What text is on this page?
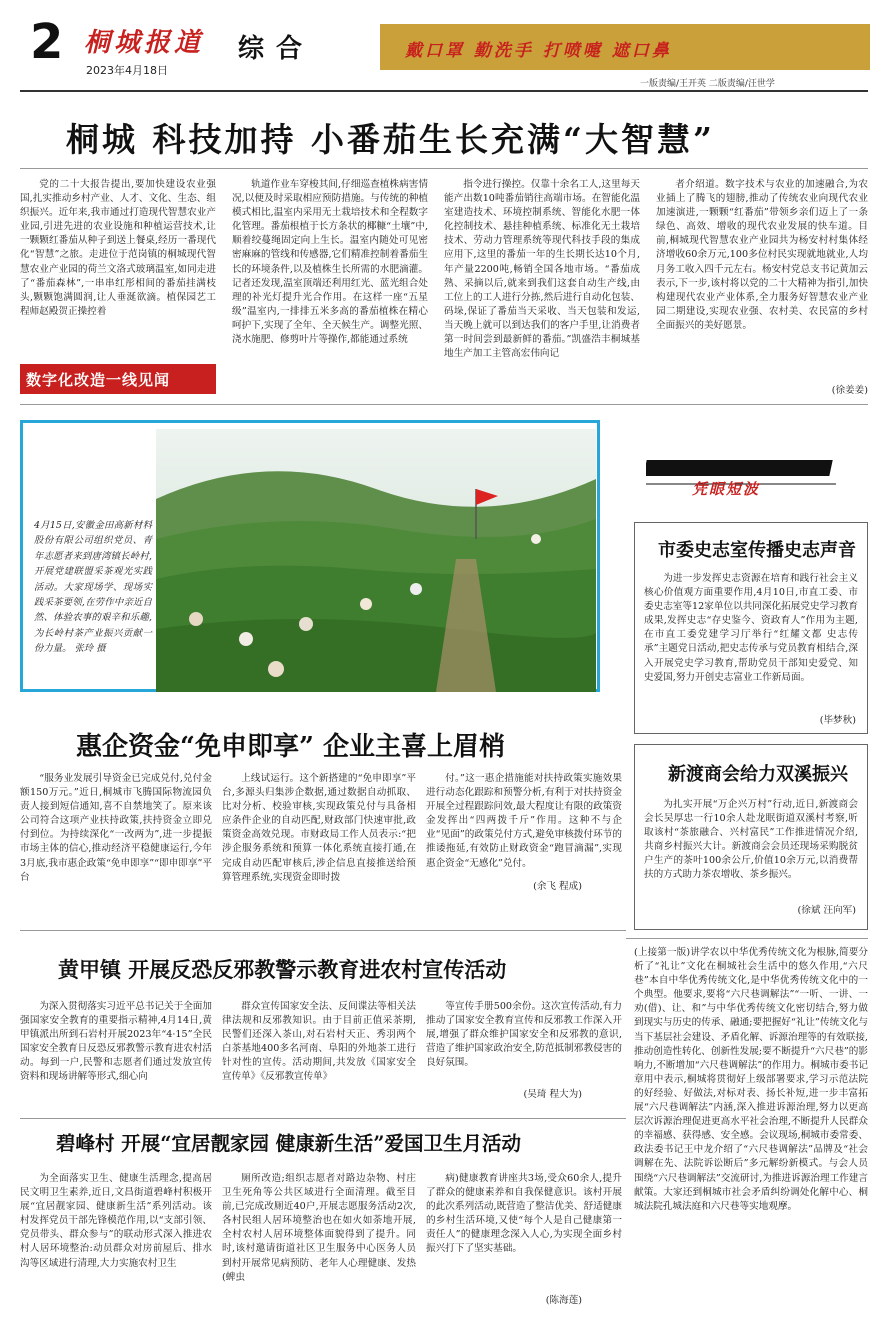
2 桐城报道
2023年4月18日
综合	戴口罩 勤洗手 打喷嚏 遮口鼻
一版责编/王开英 二版责编/汪世学
桐城 科技加持 小番茄生长充满“大智慧”

党的二十大报告提出,要加快建设农业强国,扎实推动乡村产业、人才、文化、生态、组织振兴。近年来,我市通过打造现代智慧农业产业园,引进先进的农业设施和种植运营技术,让一颗颗红番茄从种子到送上餐桌,经历一番现代化“智慧”之旅。走进位于范岗镇的桐城现代智慧农业产业园的荷兰文洛式玻璃温室,如同走进了“番茄森林”,一串串红彤相间的番茄挂满枝头,颗颗饱满圆润,让人垂涎欲滴。植保园艺工程师赵殿贺正操控着

数字化改造一线见闻

轨道作业车穿梭其间,仔细巡查植株病害情况,以便及时采取相应预防措施。与传统的种植模式相比,温室内采用无土栽培技术和全程数字化管理。番茄根植于长方条状的椰糠“土壤”中,顺着绞蔓绳固定向上生长。温室内随处可见密密麻麻的管线和传感器,它们精准控制着番茄生长的环境条件,以及植株生长所需的水肥滴灌。记者还发现,温室顶端还利用红光、蓝光组合处理的补光灯提升光合作用。在这样一座“五星级”温室内,一排排五米多高的番茄植株在精心呵护下,实现了全年、全天候生产。调整光照、浇水施肥、修剪叶片等操作,都能通过系统

指令进行操控。仅靠十余名工人,这里每天能产出数10吨番茄销往高端市场。在智能化温室建造技术、环境控制系统、智能化水肥一体化控制技术、悬挂种植系统、标准化无土栽培技术、劳动力管理系统等现代科技手段的集成应用下,这里的番茄一年的生长期长达10个月,年产量2200吨,畅销全国各地市场。“番茄成熟、采摘以后,就来到我们这套自动生产线,由工位上的工人进行分拣,然后进行自动化包装、码垛,保证了番茄当天采收、当天包装和发运,当天晚上就可以到达我们的客户手里,让消费者第一时间尝到最新鲜的番茄。”凯盛浩丰桐城基地生产加工主管高宏伟向记

者介绍道。数字技术与农业的加速融合,为农业插上了腾飞的翅膀,推动了传统农业向现代农业加速演进,一颗颗“红番茄”带领乡亲们迈上了一条绿色、高效、增收的现代农业发展的快车道。目前,桐城现代智慧农业产业园共为杨安村村集体经济增收60余万元,100多位村民实现就地就业,人均月务工收入四千元左右。杨安村党总支书记黄加云表示,下一步,该村将以党的二十大精神为指引,加快构建现代农业产业体系,全力服务好智慧农业产业园二期建设,实现农业强、农村美、农民富的乡村全面振兴的美好愿景。

(徐姜姜)
4月15日,安徽金田高新材料股份有限公司组织党员、青年志愿者来到唐湾镇长岭村,开展党建联盟采茶观光实践活动。大家现场学、现场实践采茶要领,在劳作中亲近自然、体验农事的艰辛和乐趣,为长岭村茶产业振兴贡献一份力量。 张玲 摄
凭眼短波
市委史志室传播史志声音

为进一步发挥史志资源在培育和践行社会主义核心价值观方面重要作用,4月10日,市直工委、市委史志室等12家单位以共同深化拓展党史学习教育成果,发挥史志“存史鉴今、资政育人”作用为主题,在市直工委党建学习厅举行“红耀文都 史志传承”主题党日活动,把史志传承与党员教育相结合,深入开展党史学习教育,帮助党员干部知史爱党、知史爱国,努力开创史志富业工作新局面。

(毕梦秋)
新渡商会给力双溪振兴

为扎实开展“万企兴万村”行动,近日,新渡商会会长吴厚忠一行10余人赴龙眠街道双溪村考察,听取该村“茶旅融合、兴村富民”工作推进情况介绍,共商乡村振兴大计。新渡商会会员还现场采购脱贫户生产的茶叶100余公斤,价值10余万元,以消费帮扶的方式助力茶农增收、茶乡振兴。

(徐斌 汪向军)
惠企资金“免申即享” 企业主喜上眉梢

“服务业发展引导资金已完成兑付,兑付金额150万元。”近日,桐城市飞腾国际物流园负责人接到短信通知,喜不自禁地笑了。原来该公司符合这项产业扶持政策,扶持资金立即兑付到位。为持续深化“一改两为”,进一步提振市场主体的信心,推动经济平稳健康运行,今年3月底,我市惠企政策“免申即享”“即申即享”平台

上线试运行。这个新搭建的“免申即享”平台,多源头归集涉企数据,通过数据自动抓取、比对分析、校验审核,实现政策兑付与具备相应条件企业的自动匹配,财政部门快速审批,政策资金高效兑现。市财政局工作人员表示:“把涉企服务系统和预算一体化系统直接打通,在完成自动匹配审核后,涉企信息直接推送给预算管理系统,实现资金即时拨

付。”这一惠企措施能对扶持政策实施效果进行动态化跟踪和预警分析,有利于对扶持资金开展全过程跟踪问效,最大程度让有限的政策资金发挥出“四两拨千斤”作用。这种不与企业“见面”的政策兑付方式,避免审核拨付环节的推诿拖延,有效防止财政资金“跑冒滴漏”,实现惠企资金“无感化”兑付。

(余飞 程成)
黄甲镇 开展反恐反邪教警示教育进农村宣传活动

为深入贯彻落实习近平总书记关于全面加强国家安全教育的重要指示精神,4月14日,黄甲镇派出所到石岩村开展2023年“4·15”全民国家安全教育日反恐反邪教警示教育进农村活动。每到一户,民警和志愿者们通过发放宣传资料和现场讲解等形式,细心向

群众宣传国家安全法、反间谍法等相关法律法规和反邪教知识。由于目前正值采茶期,民警们还深入茶山,对石岩村天正、秀羽两个白茶基地400多名河南、阜阳的外地茶工进行针对性的宣传。活动期间,共发放《国家安全宣传单》《反邪教宣传单》

等宣传手册500余份。这次宣传活动,有力推动了国家安全教育宣传和反邪教工作深入开展,增强了群众维护国家安全和反邪教的意识,营造了维护国家政治安全,防范抵制邪教侵害的良好氛围。

(吴琦 程大为)
碧峰村 开展“宜居靓家园 健康新生活”爱国卫生月活动

为全面落实卫生、健康生活理念,提高居民文明卫生素养,近日,文昌街道碧峰村积极开展“宜居靓家园、健康新生活”系列活动。该村发挥党员干部先锋模范作用,以“支部引领、党员带头、群众参与”的联动形式深入推进农村人居环境整治:动员群众对房前屋后、排水沟等区域进行清理,大力实施农村卫生

厕所改造;组织志愿者对路边杂物、村庄卫生死角等公共区域进行全面清理。截至目前,已完成改厕近40户,开展志愿服务活动2次,各村民组人居环境整治也在如火如荼地开展,全村农村人居环境整体面貌得到了提升。同时,该村邀请街道社区卫生服务中心医务人员到村开展常见病预防、老年人心理健康、发热(蜱虫

病)健康教育讲座共3场,受众60余人,提升了群众的健康素养和自我保健意识。该村开展的此次系列活动,既营造了整洁优美、舒适健康的乡村生活环境,又使“每个人是自己健康第一责任人”的健康理念深入人心,为实现全面乡村振兴打下了坚实基础。

(陈海莲)

(上接第一版)讲学农以中华优秀传统文化为根脉,简要分析了“礼让”文化在桐城社会生活中的悠久作用,“六尺巷”本自中华优秀传统文化,是中华优秀传统文化中的一个典型。他要求,要将“六尺巷调解法”“一听、一讲、一劝(借)、让、和”与中华优秀传统文化密切结合,努力做到现实与历史的传承、融通;要把握好“礼让”传统文化与当下基层社会建设、矛盾化解、诉源治理等的有效联接,推动创造性转化、创新性发展;要不断提升“六尺巷”的影响力,不断增加“六尺巷调解法”的作用力。桐城市委书记章用中表示,桐城将贯彻好上级部署要求,学习示范法院的好经验、好做法,对标对表、扬长补短,进一步丰富拓展“六尺巷调解法”内涵,深入推进诉源治理,努力以更高层次诉源治理促进更高水平社会治理,不断提升人民群众的幸福感、获得感、安全感。会议现场,桐城市委常委、政法委书记王中龙介绍了“六尺巷调解法”品牌及“社会调解在先、法院诉讼断后”多元解纷新模式。与会人员围绕“六尺巷调解法”交流研讨,为推进诉源治理工作建言献策。大家还到桐城市社会矛盾纠纷调处化解中心、桐城法院孔城法庭和六尺巷等实地观摩。
